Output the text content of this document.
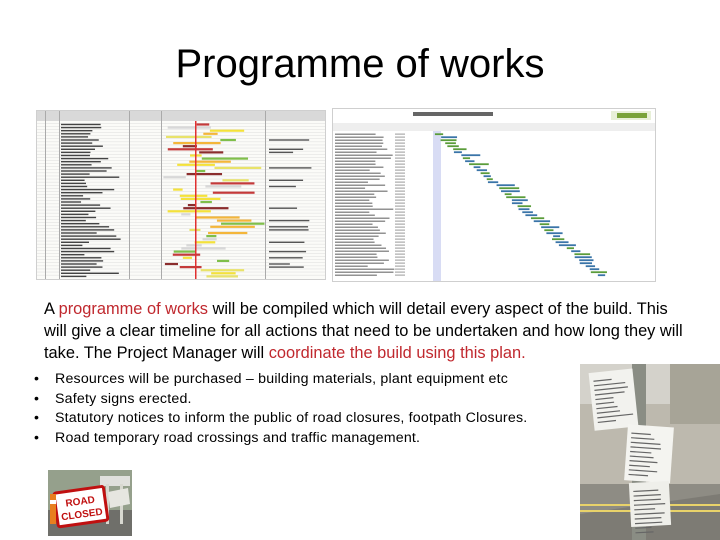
Programme of works
A programme of works will be compiled which will detail every aspect of the build. This will give a clear timeline for all actions that need to be undertaken and how long they will take. The Project Manager will coordinate the build using this plan.
• Resources will be purchased – building materials, plant equipment etc
• Safety signs erected.
• Statutory notices to inform the public of road closures, footpath Closures.
• Road temporary road crossings and traffic management.
ROAD
CLOSED
